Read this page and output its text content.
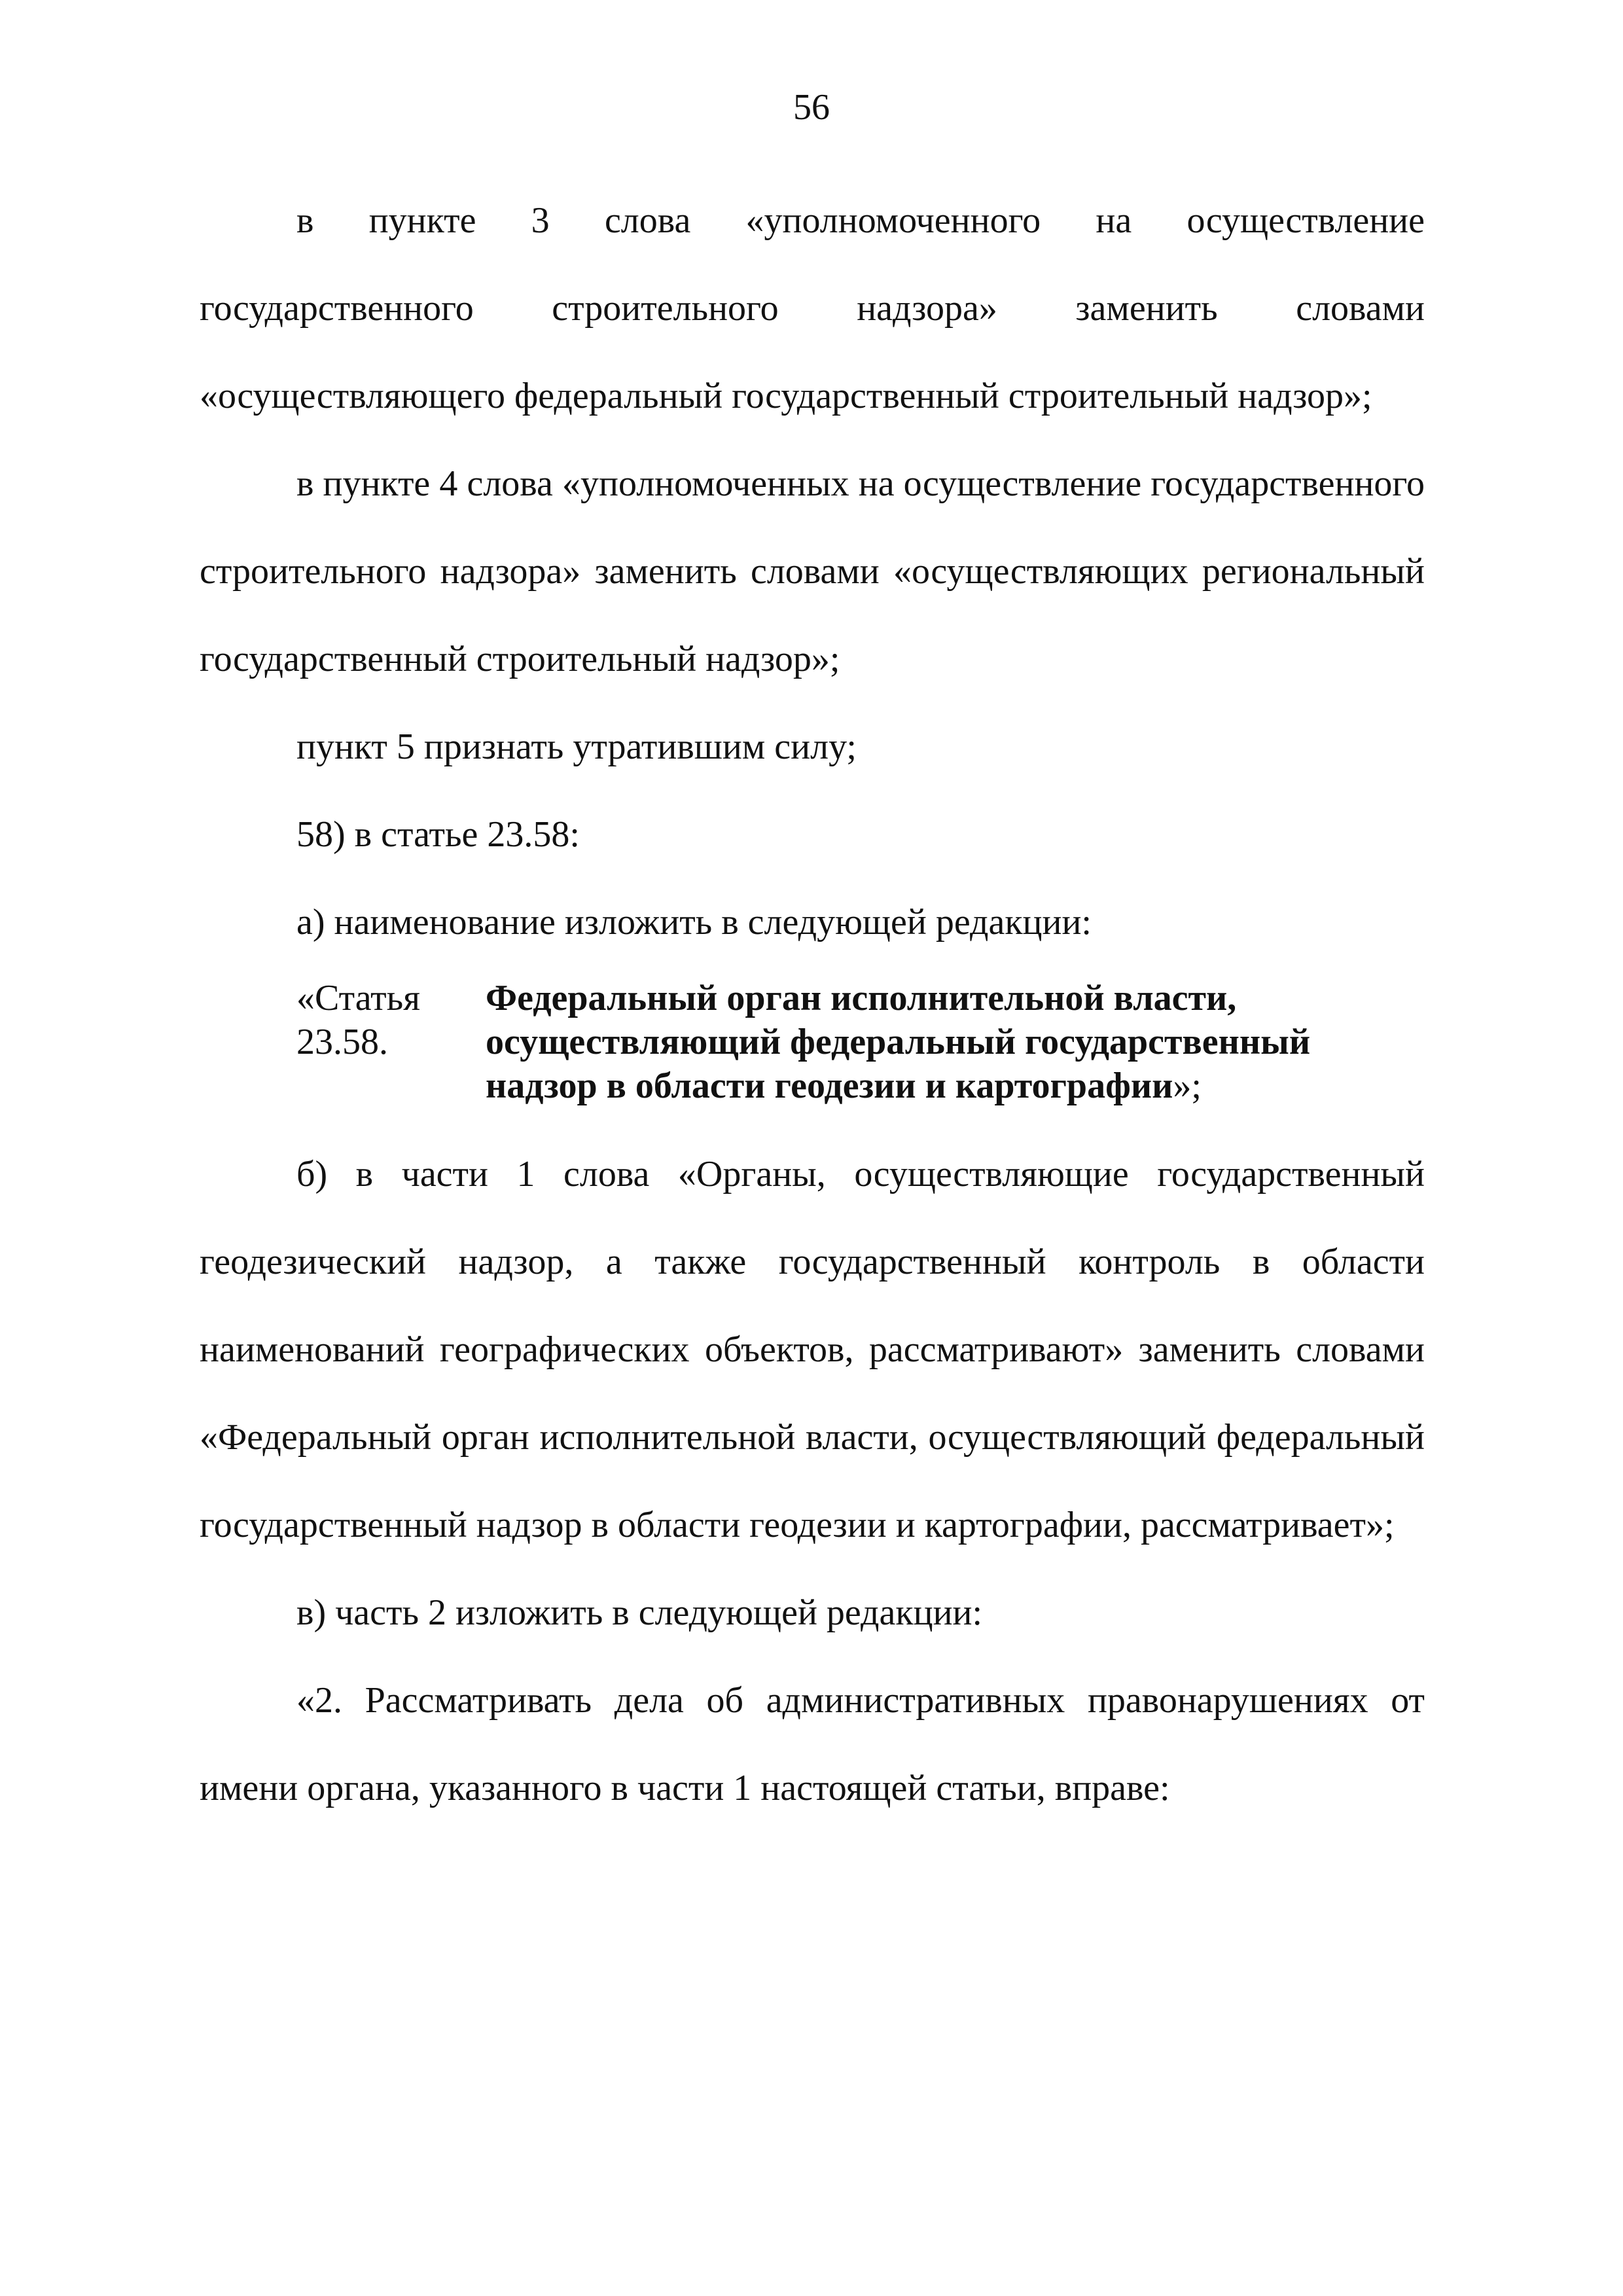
56

в пункте 3 слова «уполномоченного на осуществление государственного строительного надзора» заменить словами «осуществляющего федеральный государственный строительный надзор»;

в пункте 4 слова «уполномоченных на осуществление государственного строительного надзора» заменить словами «осуществляющих региональный государственный строительный надзор»;

пункт 5 признать утратившим силу;

58) в статье 23.58:

а) наименование изложить в следующей редакции:

«Статья 23.58.
Федеральный орган исполнительной власти, осуществляющий федеральный государственный надзор в области геодезии и картографии»;

б) в части 1 слова «Органы, осуществляющие государственный геодезический надзор, а также государственный контроль в области наименований географических объектов, рассматривают» заменить словами «Федеральный орган исполнительной власти, осуществляющий федеральный государственный надзор в области геодезии и картографии, рассматривает»;

в) часть 2 изложить в следующей редакции:

«2. Рассматривать дела об административных правонарушениях от имени органа, указанного в части 1 настоящей статьи, вправе:
